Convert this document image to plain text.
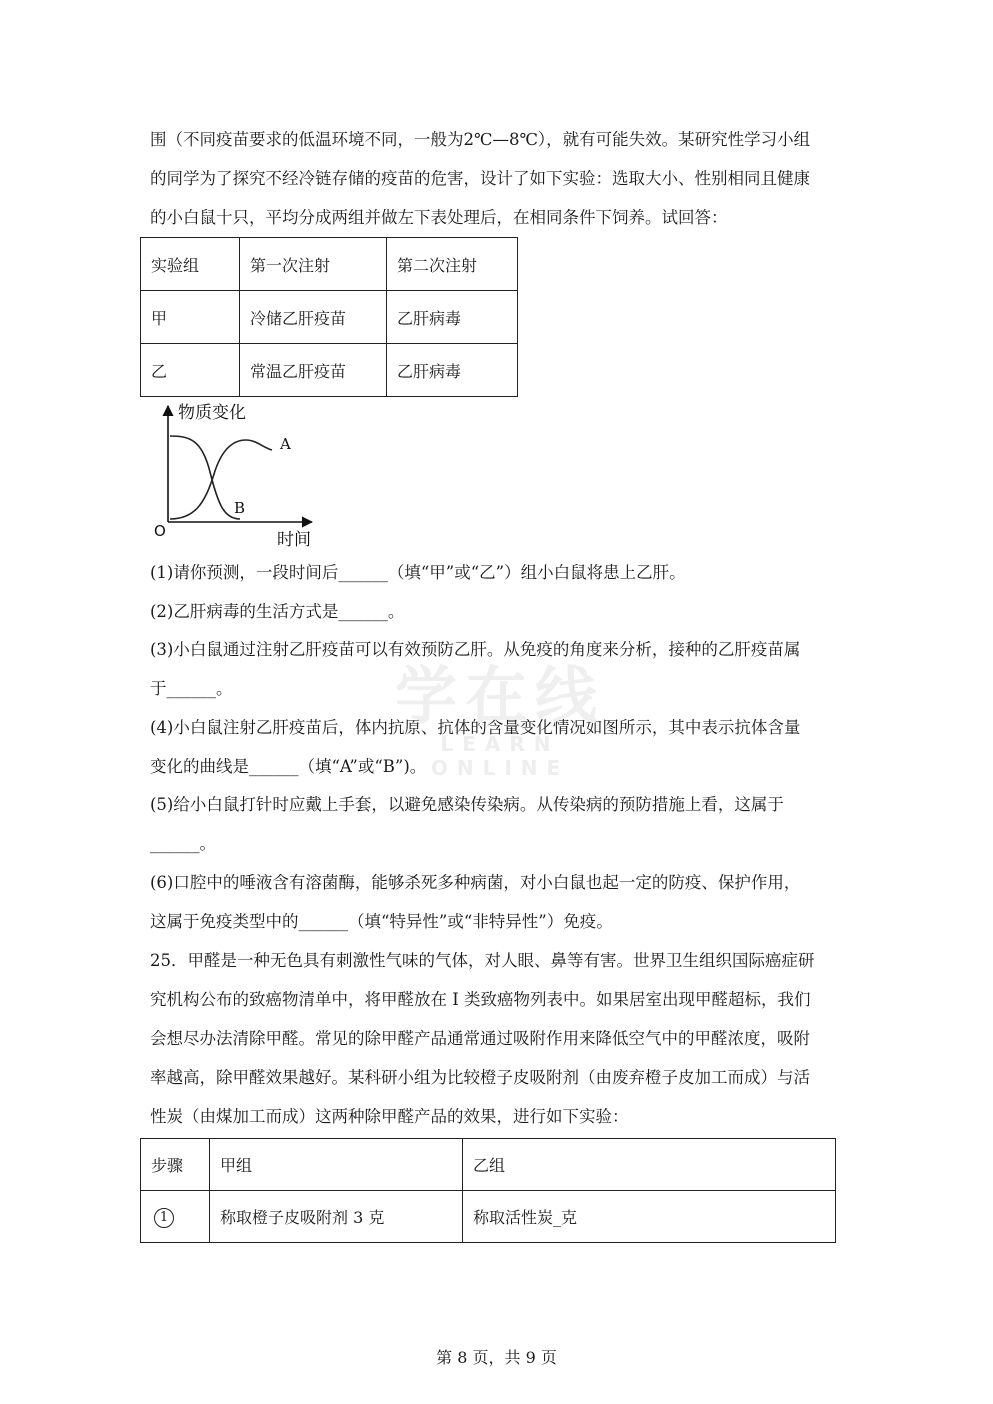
围（不同疫苗要求的低温环境不同，一般为2℃—8℃），就有可能失效。某研究性学习小组
的同学为了探究不经冷链存储的疫苗的危害，设计了如下实验：选取大小、性别相同且健康
的小白鼠十只，平均分成两组并做左下表处理后，在相同条件下饲养。试回答：
实验组	第一次注射	第二次注射
甲	冷储乙肝疫苗	乙肝病毒
乙	常温乙肝疫苗	乙肝病毒
物质变化
时间
O
A
B
(1)请你预测，一段时间后______（填“甲”或“乙”）组小白鼠将患上乙肝。
(2)乙肝病毒的生活方式是______。
(3)小白鼠通过注射乙肝疫苗可以有效预防乙肝。从免疫的角度来分析，接种的乙肝疫苗属
于______。
(4)小白鼠注射乙肝疫苗后，体内抗原、抗体的含量变化情况如图所示，其中表示抗体含量
变化的曲线是______（填“A”或“B”)。
(5)给小白鼠打针时应戴上手套，以避免感染传染病。从传染病的预防措施上看，这属于
______。
(6)口腔中的唾液含有溶菌酶，能够杀死多种病菌，对小白鼠也起一定的防疫、保护作用，
这属于免疫类型中的______（填“特异性”或“非特异性”）免疫。
25．甲醛是一种无色具有刺激性气味的气体，对人眼、鼻等有害。世界卫生组织国际癌症研
究机构公布的致癌物清单中，将甲醛放在 I 类致癌物列表中。如果居室出现甲醛超标，我们
会想尽办法清除甲醛。常见的除甲醛产品通常通过吸附作用来降低空气中的甲醛浓度，吸附
率越高，除甲醛效果越好。某科研小组为比较橙子皮吸附剂（由废弃橙子皮加工而成）与活
性炭（由煤加工而成）这两种除甲醛产品的效果，进行如下实验：
学在线
LEARN ONLINE
步骤	甲组	乙组
1	称取橙子皮吸附剂 3 克	称取活性炭_克
第 8 页，共 9 页
